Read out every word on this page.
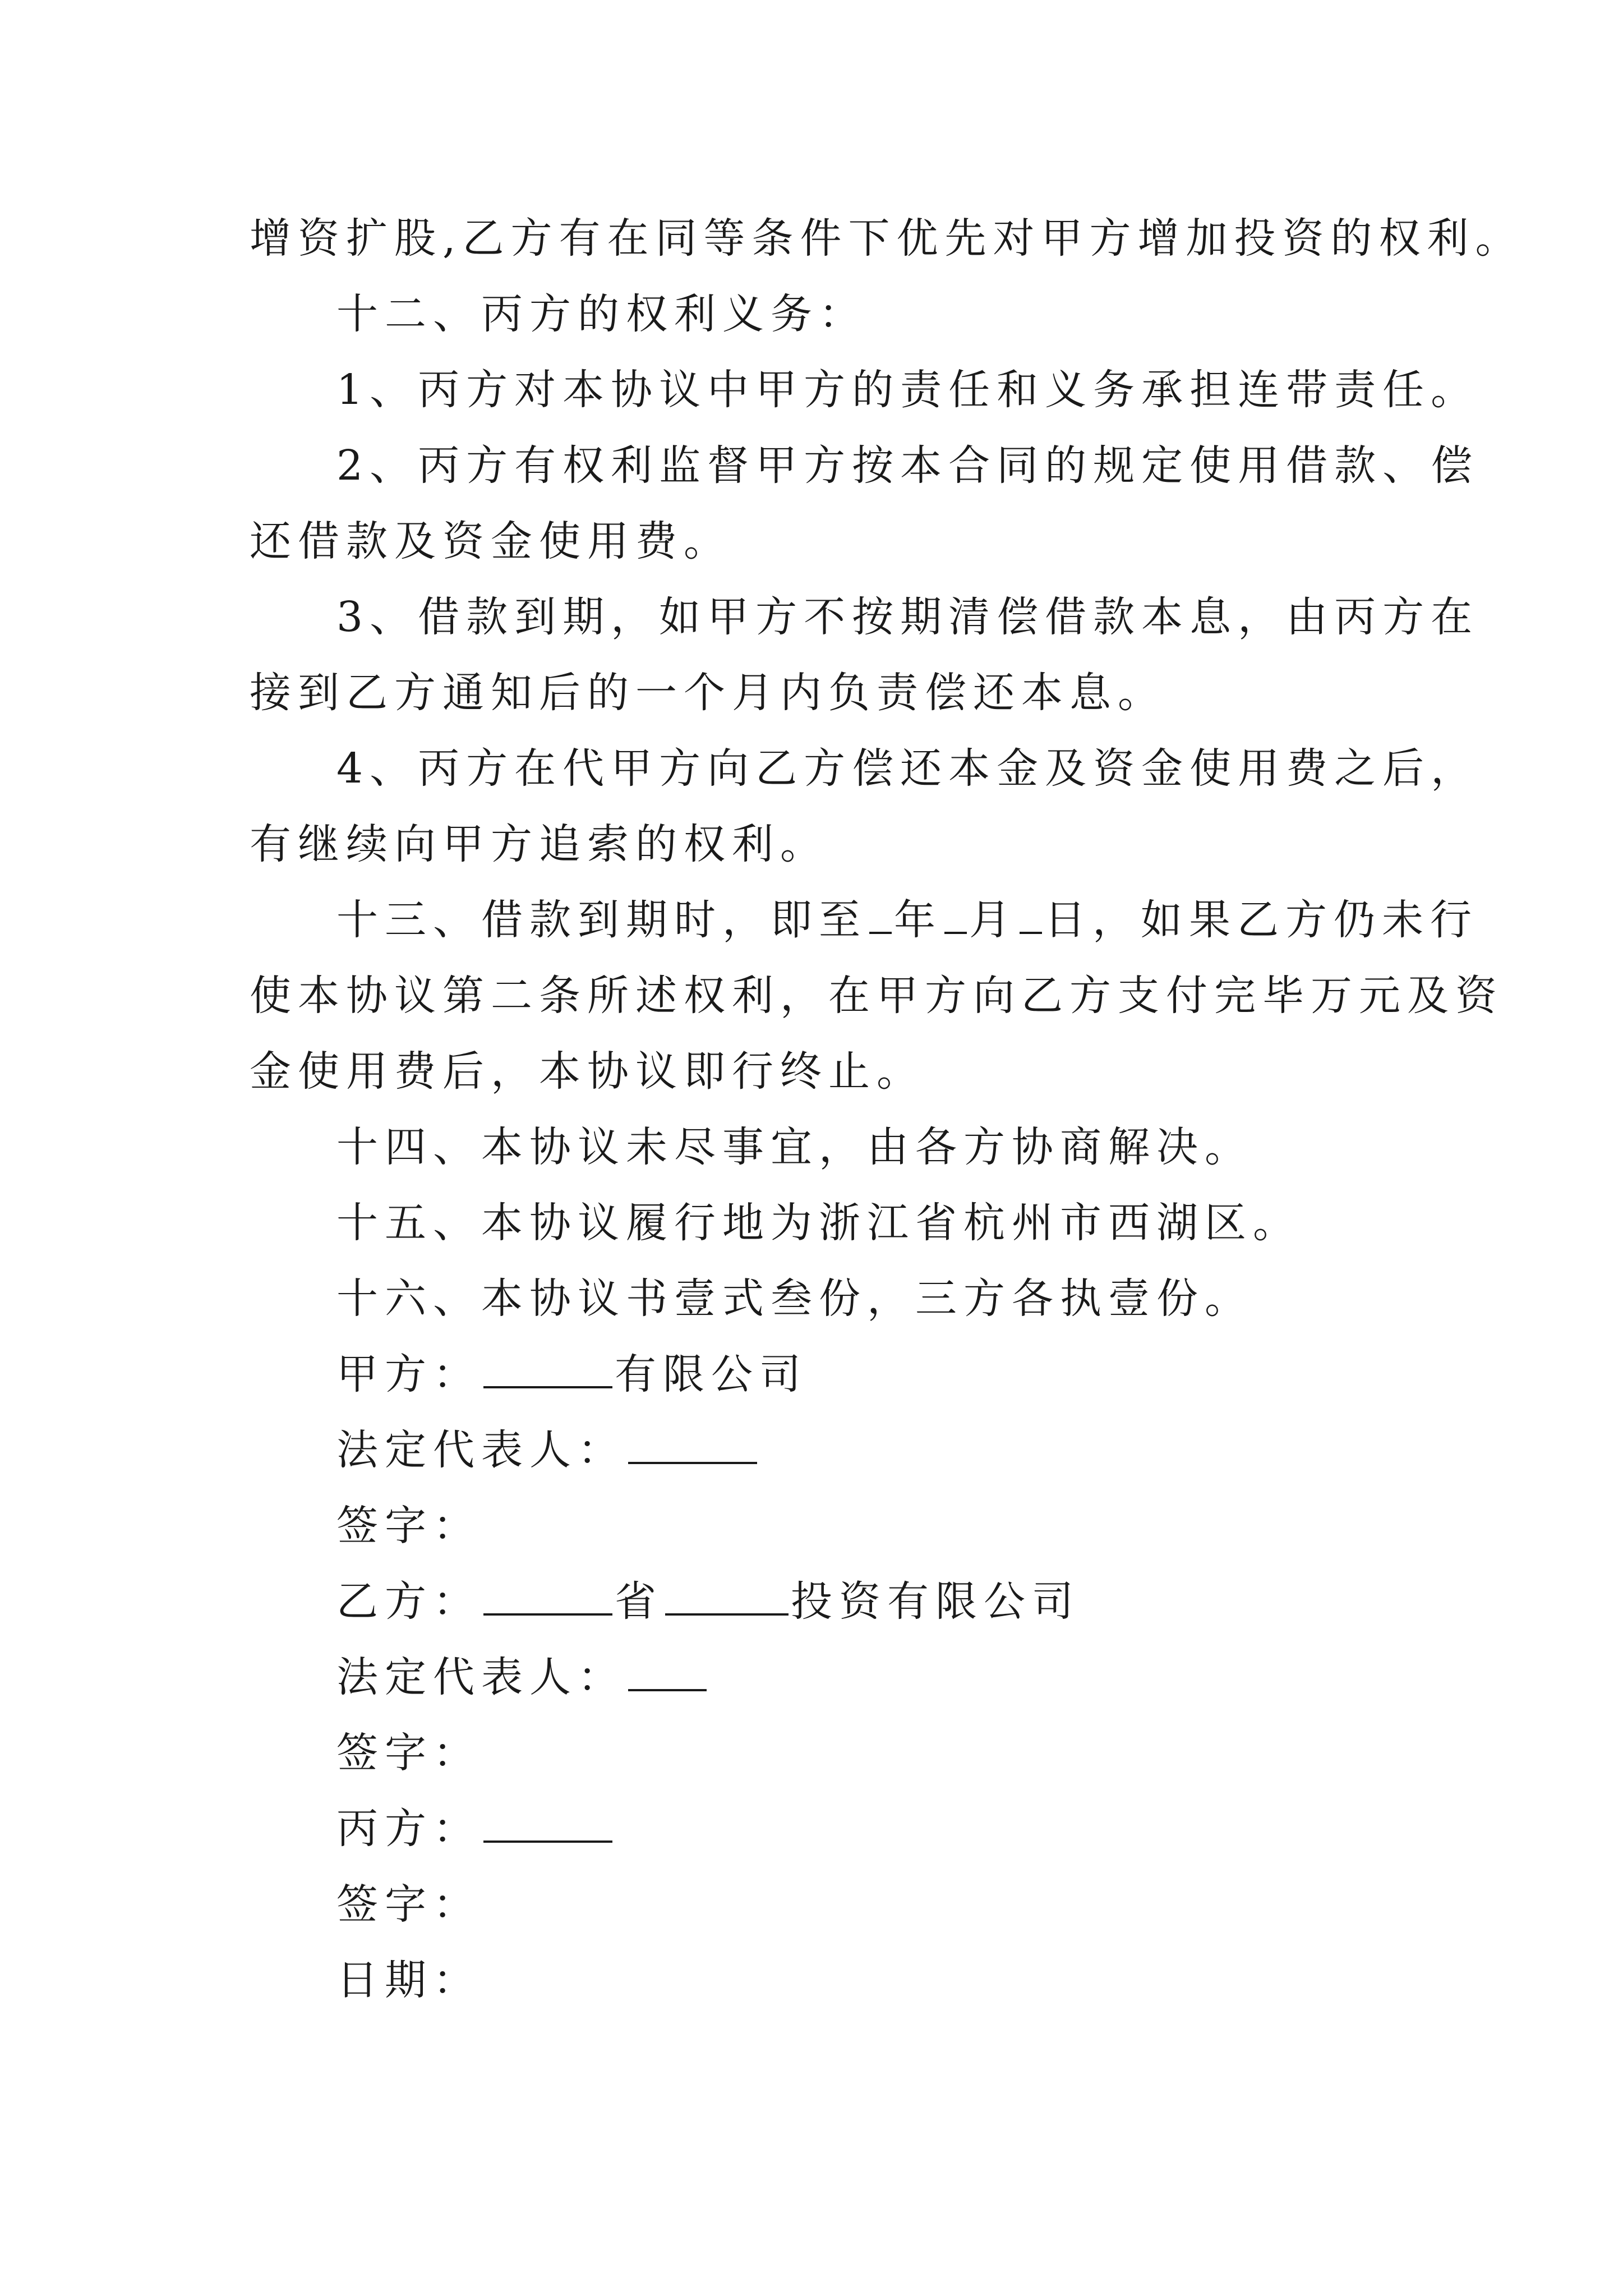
增资扩股,乙方有在同等条件下优先对甲方增加投资的权利。
十二、丙方的权利义务：
1、丙方对本协议中甲方的责任和义务承担连带责任。
2、丙方有权利监督甲方按本合同的规定使用借款、偿
还借款及资金使用费。
3、借款到期，如甲方不按期清偿借款本息，由丙方在
接到乙方通知后的一个月内负责偿还本息。
4、丙方在代甲方向乙方偿还本金及资金使用费之后，
有继续向甲方追索的权利。
十三、借款到期时，即至 年 月 日，如果乙方仍未行
使本协议第二条所述权利，在甲方向乙方支付完毕万元及资
金使用费后，本协议即行终止。
十四、本协议未尽事宜，由各方协商解决。
十五、本协议履行地为浙江省杭州市西湖区。
十六、本协议书壹式叁份，三方各执壹份。
甲方：	有限公司
法定代表人：
签字：
乙方：	省	投资有限公司
法定代表人：
签字：
丙方：
签字：
日期：
